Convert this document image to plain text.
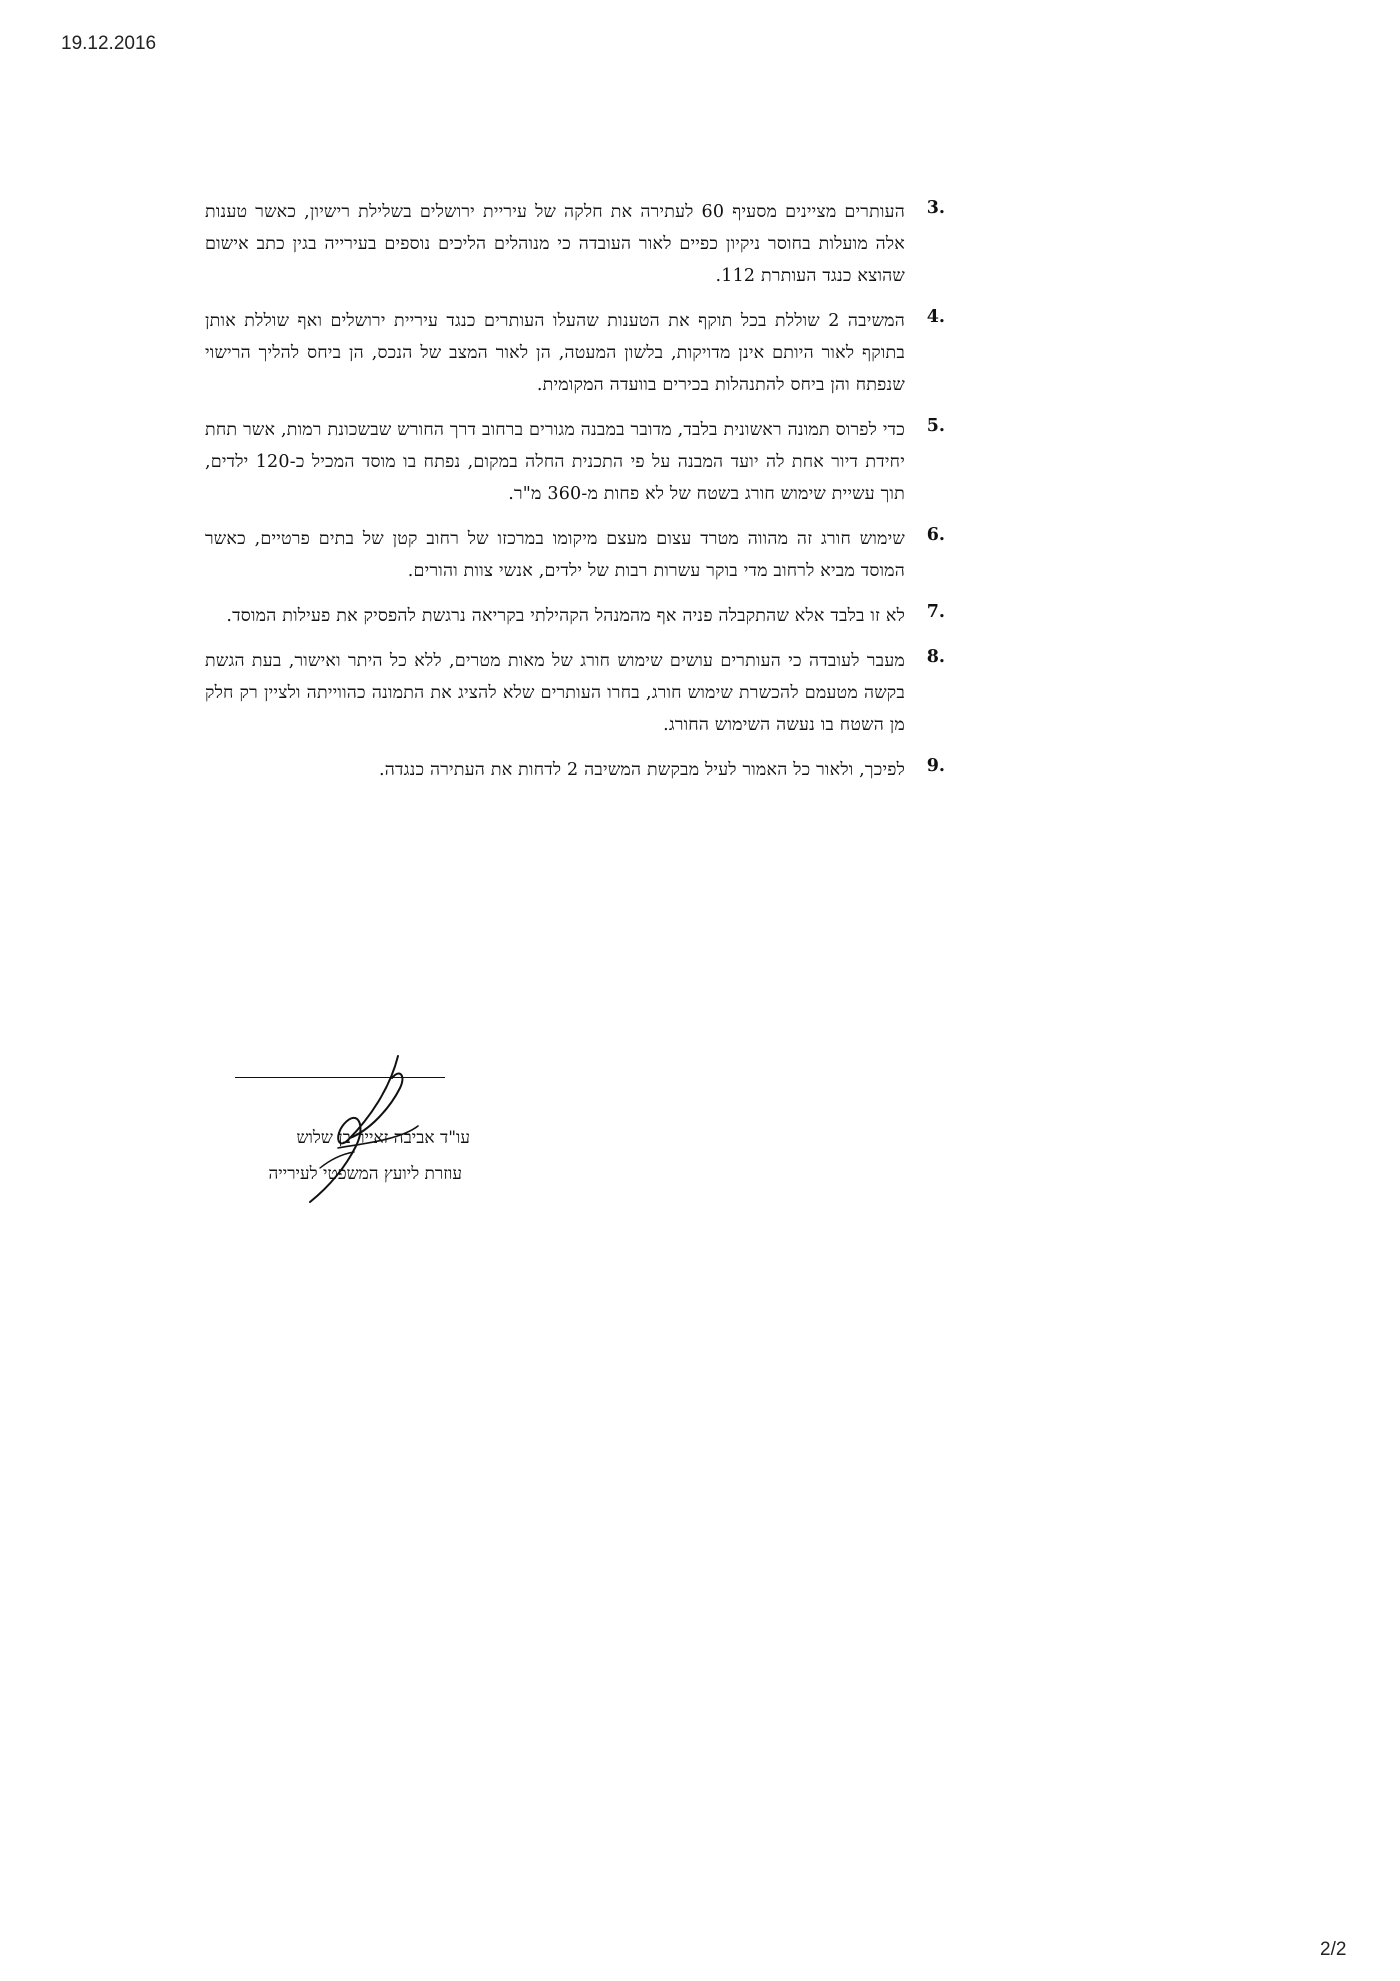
19.12.2016
.3
העותרים מציינים מסעיף 60 לעתירה את חלקה של עיריית ירושלים בשלילת רישיון, כאשר טענות אלה מועלות בחוסר ניקיון כפיים לאור העובדה כי מנוהלים הליכים נוספים בעירייה בגין כתב אישום שהוצא כנגד העותרת 112.
.4
המשיבה 2 שוללת בכל תוקף את הטענות שהעלו העותרים כנגד עיריית ירושלים ואף שוללת אותן בתוקף לאור היותם אינן מדויקות, בלשון המעטה, הן לאור המצב של הנכס, הן ביחס להליך הרישוי שנפתח והן ביחס להתנהלות בכירים בוועדה המקומית.
.5
כדי לפרוס תמונה ראשונית בלבד, מדובר במבנה מגורים ברחוב דרך החורש שבשכונת רמות, אשר תחת יחידת דיור אחת לה יועד המבנה על פי התכנית החלה במקום, נפתח בו מוסד המכיל כ-120 ילדים, תוך עשיית שימוש חורג בשטח של לא פחות מ-360 מ"ר.
.6
שימוש חורג זה מהווה מטרד עצום מעצם מיקומו במרכזו של רחוב קטן של בתים פרטיים, כאשר המוסד מביא לרחוב מדי בוקר עשרות רבות של ילדים, אנשי צוות והורים.
.7
לא זו בלבד אלא שהתקבלה פניה אף מהמנהל הקהילתי בקריאה נרגשת להפסיק את פעילות המוסד.
.8
מעבר לעובדה כי העותרים עושים שימוש חורג של מאות מטרים, ללא כל היתר ואישור, בעת הגשת בקשה מטעמם להכשרת שימוש חורג, בחרו העותרים שלא להציג את התמונה כהווייתה ולציין רק חלק מן השטח בו נעשה השימוש החורג.
.9
לפיכך, ולאור כל האמור לעיל מבקשת המשיבה 2 לדחות את העתירה כנגדה.
עו"ד אביבה זאייר בן שלוש
עוזרת ליועץ המשפטי לעירייה
2/2
